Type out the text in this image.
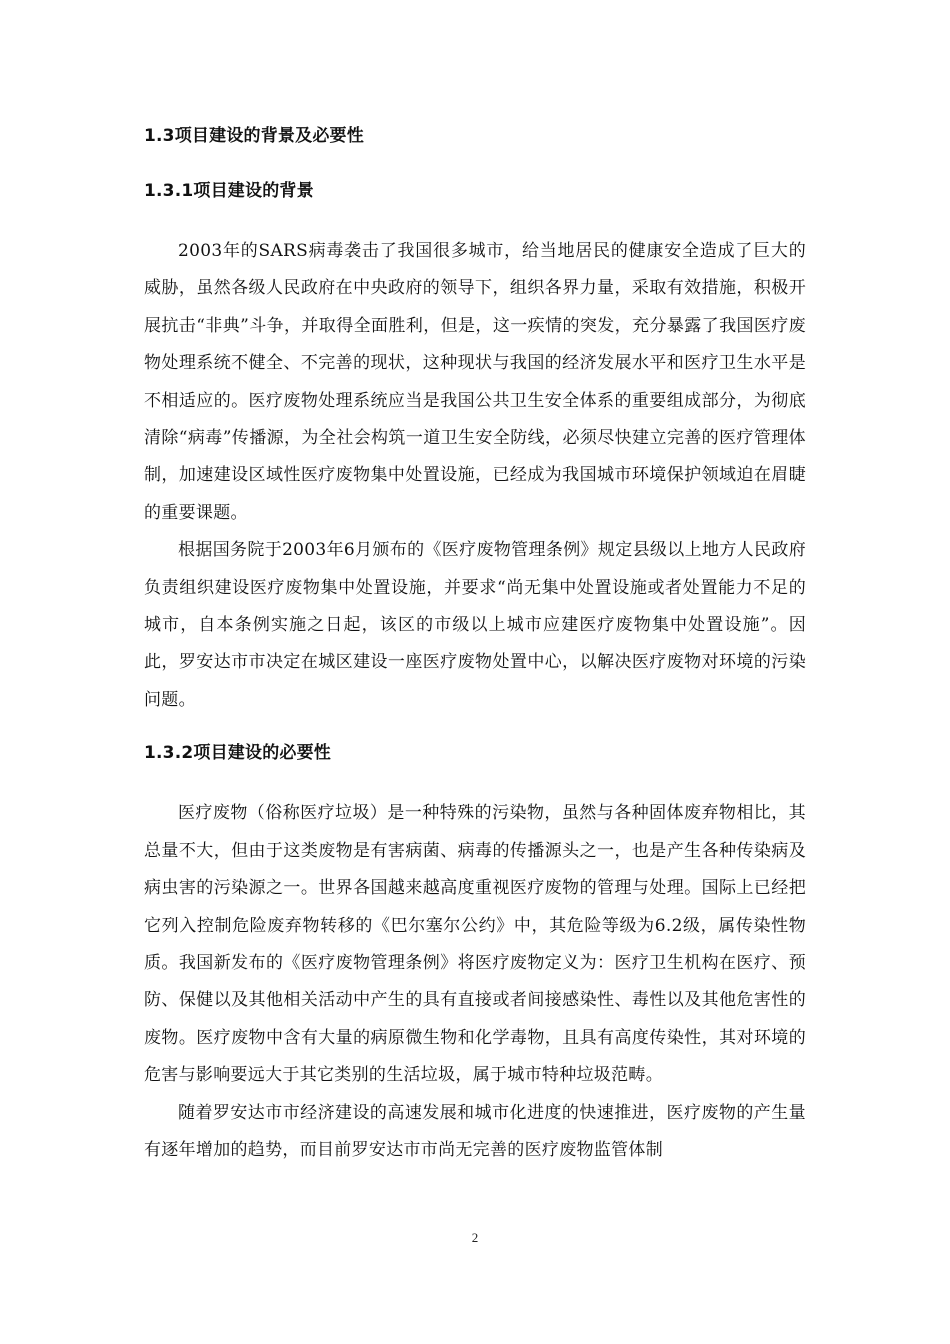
1.3项目建设的背景及必要性
1.3.1项目建设的背景

2003年的SARS病毒袭击了我国很多城市，给当地居民的健康安全造成了巨大的威胁，虽然各级人民政府在中央政府的领导下，组织各界力量，采取有效措施，积极开展抗击“非典”斗争，并取得全面胜利，但是，这一疾情的突发，充分暴露了我国医疗废物处理系统不健全、不完善的现状，这种现状与我国的经济发展水平和医疗卫生水平是不相适应的。医疗废物处理系统应当是我国公共卫生安全体系的重要组成部分，为彻底清除“病毒”传播源，为全社会构筑一道卫生安全防线，必须尽快建立完善的医疗管理体制，加速建设区域性医疗废物集中处置设施，已经成为我国城市环境保护领域迫在眉睫的重要课题。

根据国务院于2003年6月颁布的《医疗废物管理条例》规定县级以上地方人民政府负责组织建设医疗废物集中处置设施，并要求“尚无集中处置设施或者处置能力不足的城市，自本条例实施之日起，该区的市级以上城市应建医疗废物集中处置设施”。因此，罗安达市市决定在城区建设一座医疗废物处置中心，以解决医疗废物对环境的污染问题。

1.3.2项目建设的必要性

医疗废物（俗称医疗垃圾）是一种特殊的污染物，虽然与各种固体废弃物相比，其总量不大，但由于这类废物是有害病菌、病毒的传播源头之一，也是产生各种传染病及病虫害的污染源之一。世界各国越来越高度重视医疗废物的管理与处理。国际上已经把它列入控制危险废弃物转移的《巴尔塞尔公约》中，其危险等级为6.2级，属传染性物质。我国新发布的《医疗废物管理条例》将医疗废物定义为：医疗卫生机构在医疗、预防、保健以及其他相关活动中产生的具有直接或者间接感染性、毒性以及其他危害性的废物。医疗废物中含有大量的病原微生物和化学毒物，且具有高度传染性，其对环境的危害与影响要远大于其它类别的生活垃圾，属于城市特种垃圾范畴。

随着罗安达市市经济建设的高速发展和城市化进度的快速推进，医疗废物的产生量有逐年增加的趋势，而目前罗安达市市尚无完善的医疗废物监管体制

2
